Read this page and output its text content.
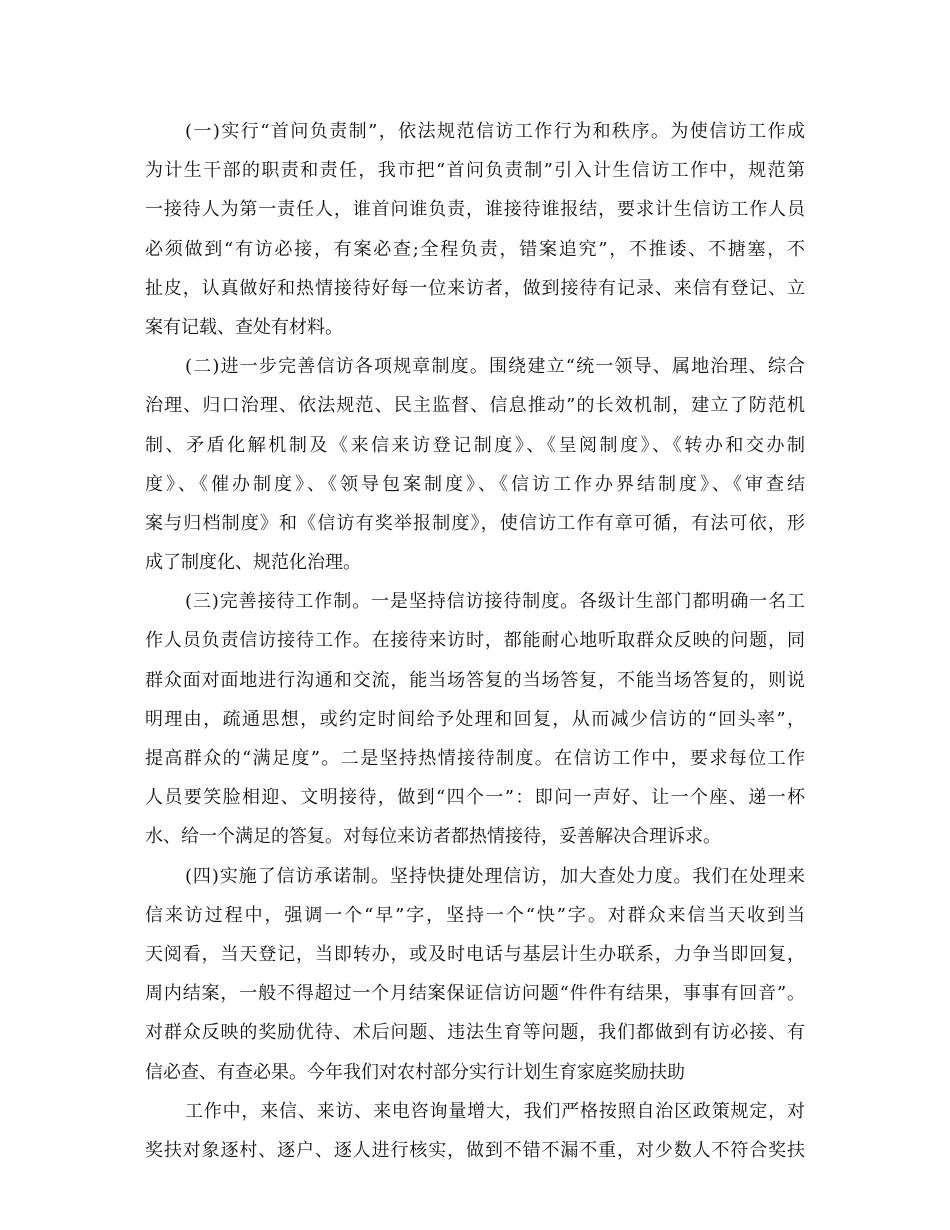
(一)实行“首问负责制”，依法规范信访工作行为和秩序。为使信访工作成
为计生干部的职责和责任，我市把“首问负责制”引入计生信访工作中，规范第
一接待人为第一责任人，谁首问谁负责，谁接待谁报结，要求计生信访工作人员
必须做到“有访必接，有案必查;全程负责，错案追究”，不推诿、不搪塞，不
扯皮，认真做好和热情接待好每一位来访者，做到接待有记录、来信有登记、立
案有记载、查处有材料。
(二)进一步完善信访各项规章制度。围绕建立“统一领导、属地治理、综合
治理、归口治理、依法规范、民主监督、信息推动”的长效机制，建立了防范机
制、矛盾化解机制及《来信来访登记制度》、《呈阅制度》、《转办和交办制
度》、《催办制度》、《领导包案制度》、《信访工作办界结制度》、《审查结
案与归档制度》和《信访有奖举报制度》，使信访工作有章可循，有法可依，形
成了制度化、规范化治理。
(三)完善接待工作制。一是坚持信访接待制度。各级计生部门都明确一名工
作人员负责信访接待工作。在接待来访时，都能耐心地听取群众反映的问题，同
群众面对面地进行沟通和交流，能当场答复的当场答复，不能当场答复的，则说
明理由，疏通思想，或约定时间给予处理和回复，从而减少信访的“回头率”，
提高群众的“满足度”。二是坚持热情接待制度。在信访工作中，要求每位工作
人员要笑脸相迎、文明接待，做到“四个一”：即问一声好、让一个座、递一杯
水、给一个满足的答复。对每位来访者都热情接待，妥善解决合理诉求。
(四)实施了信访承诺制。坚持快捷处理信访，加大查处力度。我们在处理来
信来访过程中，强调一个“早”字，坚持一个“快”字。对群众来信当天收到当
天阅看，当天登记，当即转办，或及时电话与基层计生办联系，力争当即回复，
周内结案，一般不得超过一个月结案保证信访问题“件件有结果，事事有回音”。
对群众反映的奖励优待、术后问题、违法生育等问题，我们都做到有访必接、有
信必查、有查必果。今年我们对农村部分实行计划生育家庭奖励扶助
工作中，来信、来访、来电咨询量增大，我们严格按照自治区政策规定，对
奖扶对象逐村、逐户、逐人进行核实，做到不错不漏不重，对少数人不符合奖扶
